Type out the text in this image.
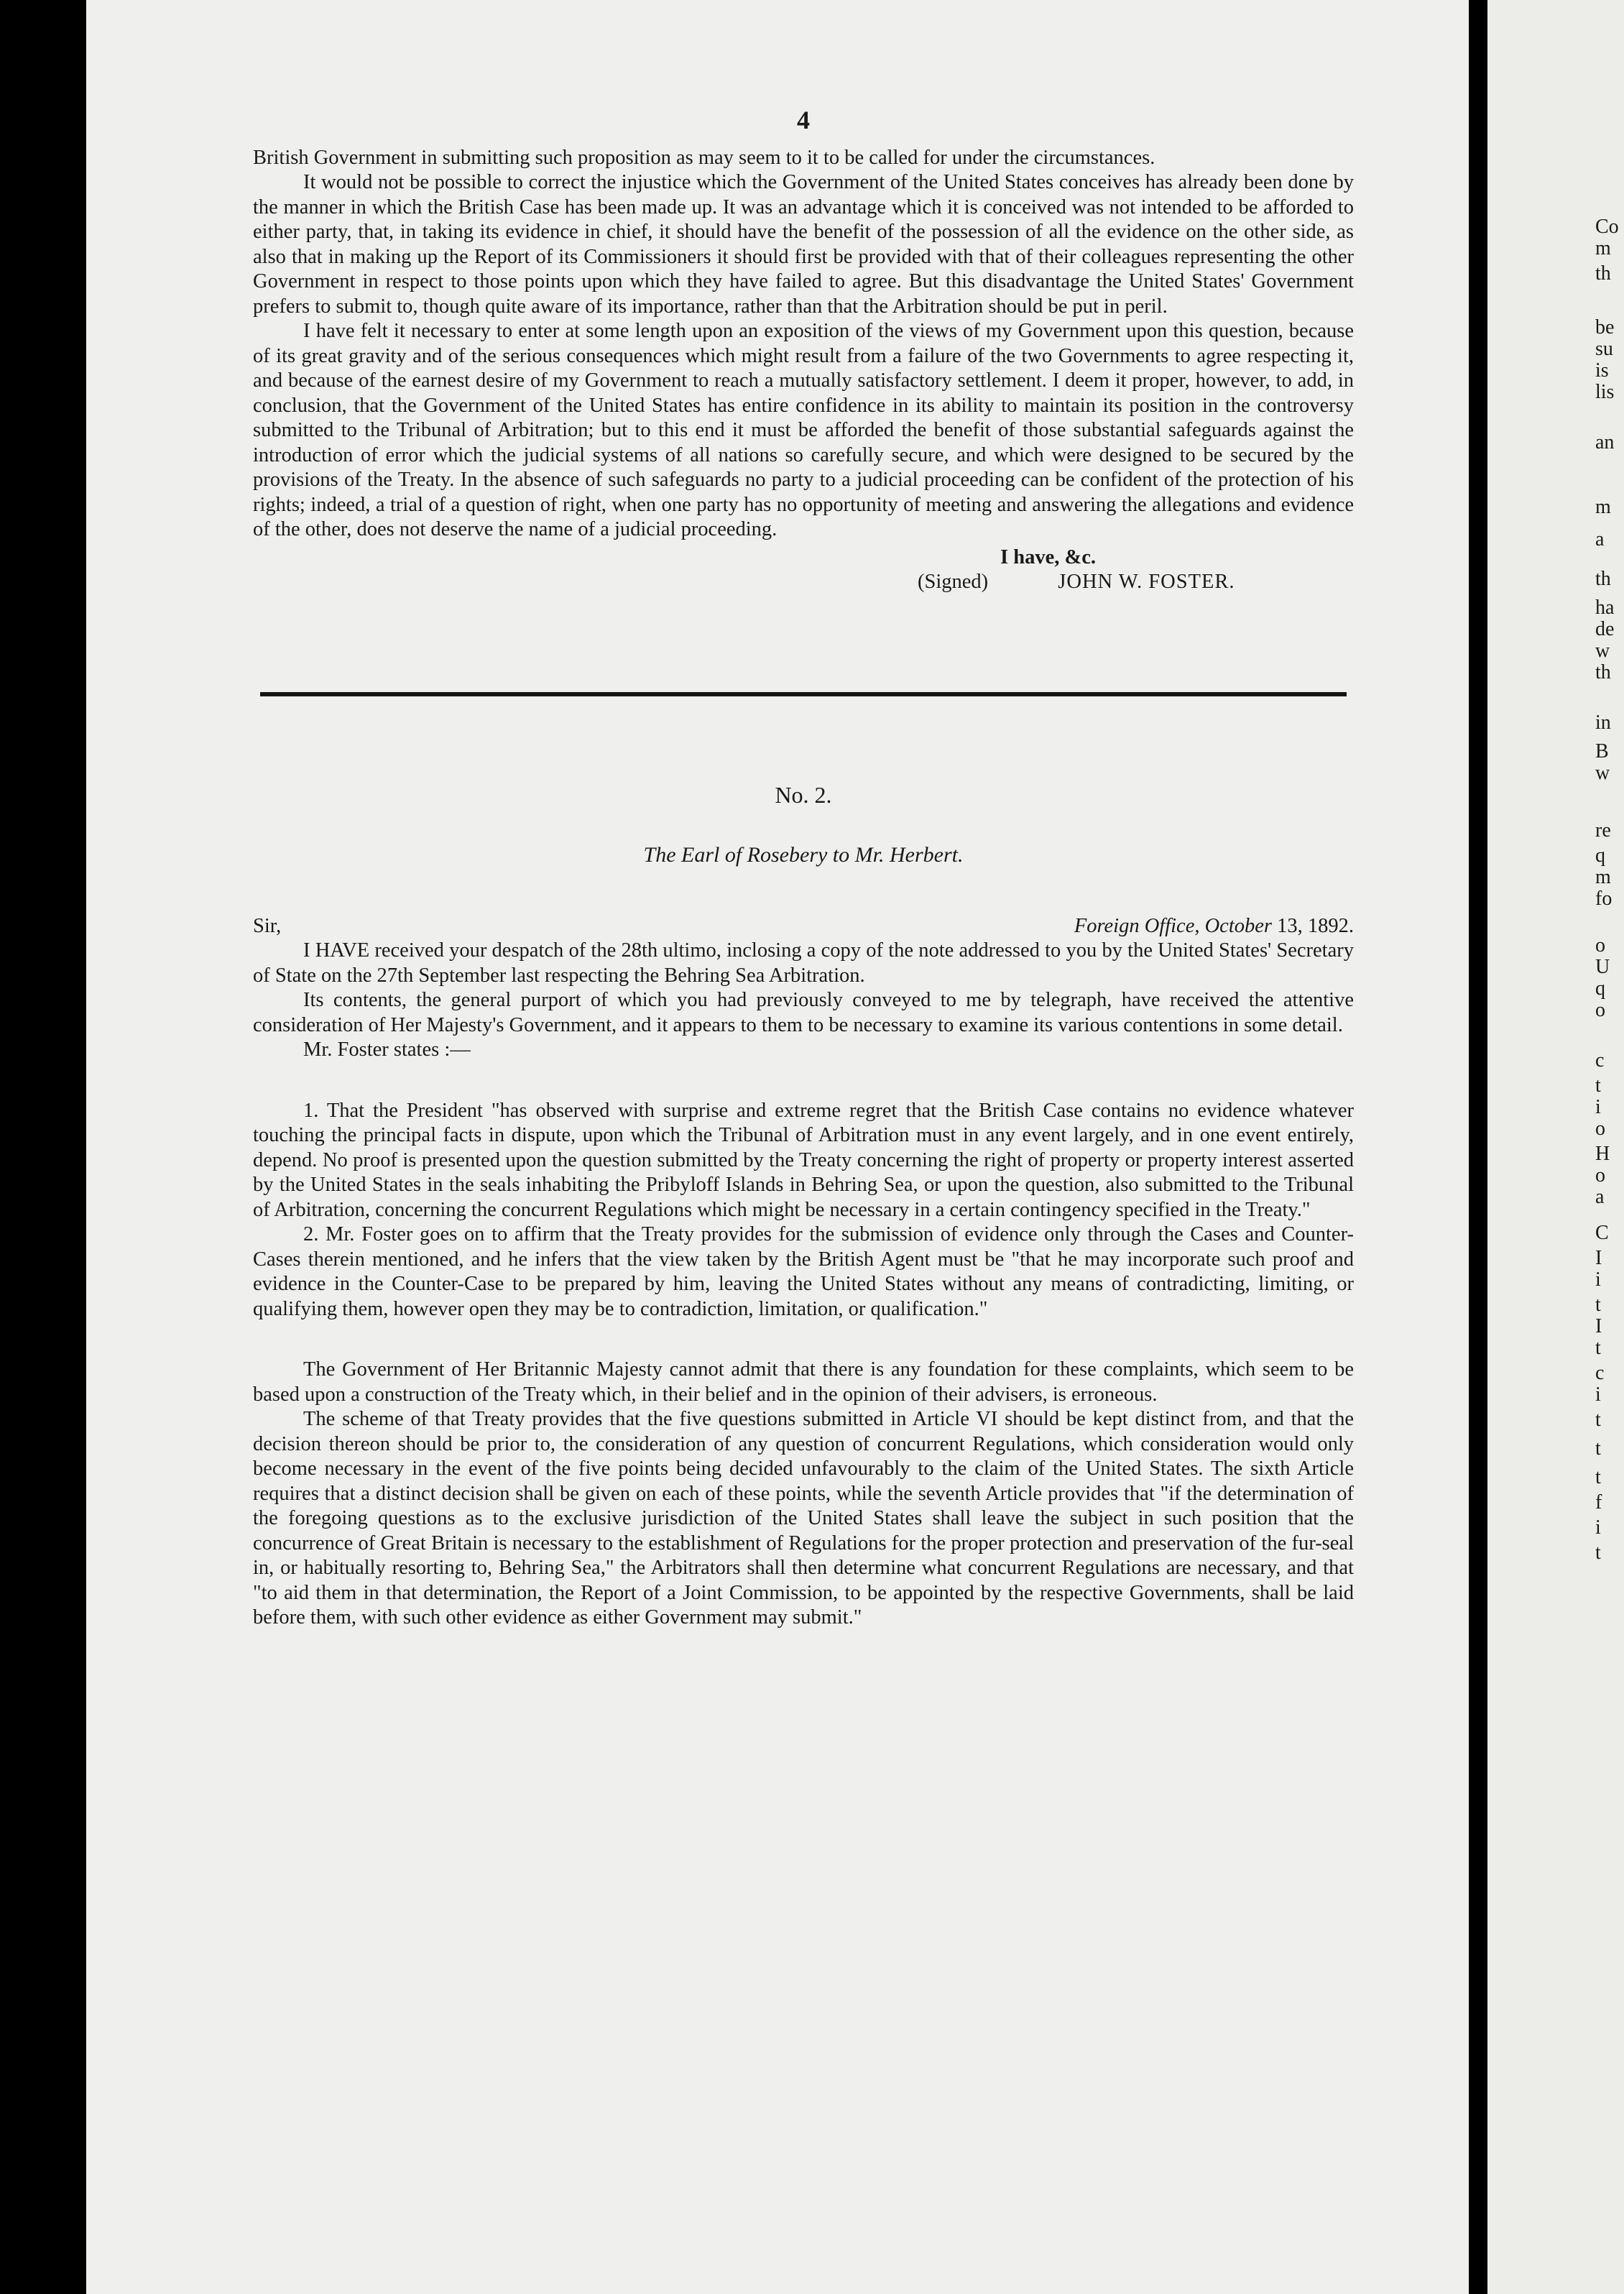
4

British Government in submitting such proposition as may seem to it to be called for under the circumstances.

It would not be possible to correct the injustice which the Government of the United States conceives has already been done by the manner in which the British Case has been made up. It was an advantage which it is conceived was not intended to be afforded to either party, that, in taking its evidence in chief, it should have the benefit of the possession of all the evidence on the other side, as also that in making up the Report of its Commissioners it should first be provided with that of their colleagues representing the other Government in respect to those points upon which they have failed to agree. But this disadvantage the United States' Government prefers to submit to, though quite aware of its importance, rather than that the Arbitration should be put in peril.

I have felt it necessary to enter at some length upon an exposition of the views of my Government upon this question, because of its great gravity and of the serious consequences which might result from a failure of the two Governments to agree respecting it, and because of the earnest desire of my Government to reach a mutually satisfactory settlement. I deem it proper, however, to add, in conclusion, that the Government of the United States has entire confidence in its ability to maintain its position in the controversy submitted to the Tribunal of Arbitration; but to this end it must be afforded the benefit of those substantial safeguards against the introduction of error which the judicial systems of all nations so carefully secure, and which were designed to be secured by the provisions of the Treaty. In the absence of such safeguards no party to a judicial proceeding can be confident of the protection of his rights; indeed, a trial of a question of right, when one party has no opportunity of meeting and answering the allegations and evidence of the other, does not deserve the name of a judicial proceeding.

I have, &c.
(Signed)	JOHN W. FOSTER.
No. 2.
The Earl of Rosebery to Mr. Herbert.
Sir,	Foreign Office, October 13, 1892.

I HAVE received your despatch of the 28th ultimo, inclosing a copy of the note addressed to you by the United States' Secretary of State on the 27th September last respecting the Behring Sea Arbitration.

Its contents, the general purport of which you had previously conveyed to me by telegraph, have received the attentive consideration of Her Majesty's Government, and it appears to them to be necessary to examine its various contentions in some detail.

Mr. Foster states :—

1. That the President "has observed with surprise and extreme regret that the British Case contains no evidence whatever touching the principal facts in dispute, upon which the Tribunal of Arbitration must in any event largely, and in one event entirely, depend. No proof is presented upon the question submitted by the Treaty concerning the right of property or property interest asserted by the United States in the seals inhabiting the Pribyloff Islands in Behring Sea, or upon the question, also submitted to the Tribunal of Arbitration, concerning the concurrent Regulations which might be necessary in a certain contingency specified in the Treaty."

2. Mr. Foster goes on to affirm that the Treaty provides for the submission of evidence only through the Cases and Counter-Cases therein mentioned, and he infers that the view taken by the British Agent must be "that he may incorporate such proof and evidence in the Counter-Case to be prepared by him, leaving the United States without any means of contradicting, limiting, or qualifying them, however open they may be to contradiction, limitation, or qualification."

The Government of Her Britannic Majesty cannot admit that there is any foundation for these complaints, which seem to be based upon a construction of the Treaty which, in their belief and in the opinion of their advisers, is erroneous.

The scheme of that Treaty provides that the five questions submitted in Article VI should be kept distinct from, and that the decision thereon should be prior to, the consideration of any question of concurrent Regulations, which consideration would only become necessary in the event of the five points being decided unfavourably to the claim of the United States. The sixth Article requires that a distinct decision shall be given on each of these points, while the seventh Article provides that "if the determination of the foregoing questions as to the exclusive jurisdiction of the United States shall leave the subject in such position that the concurrence of Great Britain is necessary to the establishment of Regulations for the proper protection and preservation of the fur-seal in, or habitually resorting to, Behring Sea," the Arbitrators shall then determine what concurrent Regulations are necessary, and that "to aid them in that determination, the Report of a Joint Commission, to be appointed by the respective Governments, shall be laid before them, with such other evidence as either Government may submit."

Co
m
th
be
su
is
lis
an
m
a
th
ha
de
w
th
in
B
w
re
q
m
fo
o
U
q
o
c
t
i
o
H
o
a
C
I
i
t
I
t
c
i
t
t
t
f
i
t
